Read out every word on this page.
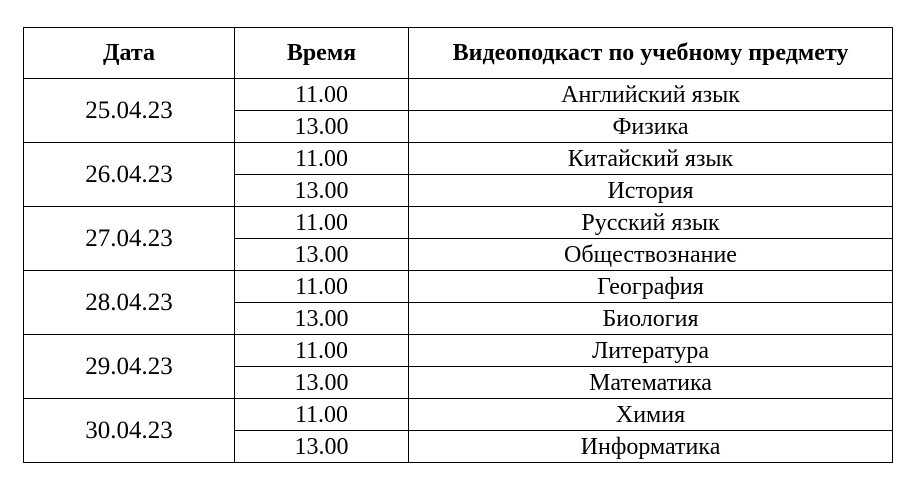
Дата	Время	Видеоподкаст по учебному предмету
25.04.23	11.00	Английский язык
	13.00	Физика
26.04.23	11.00	Китайский язык
	13.00	История
27.04.23	11.00	Русский язык
	13.00	Обществознание
28.04.23	11.00	География
	13.00	Биология
29.04.23	11.00	Литература
	13.00	Математика
30.04.23	11.00	Химия
	13.00	Информатика
